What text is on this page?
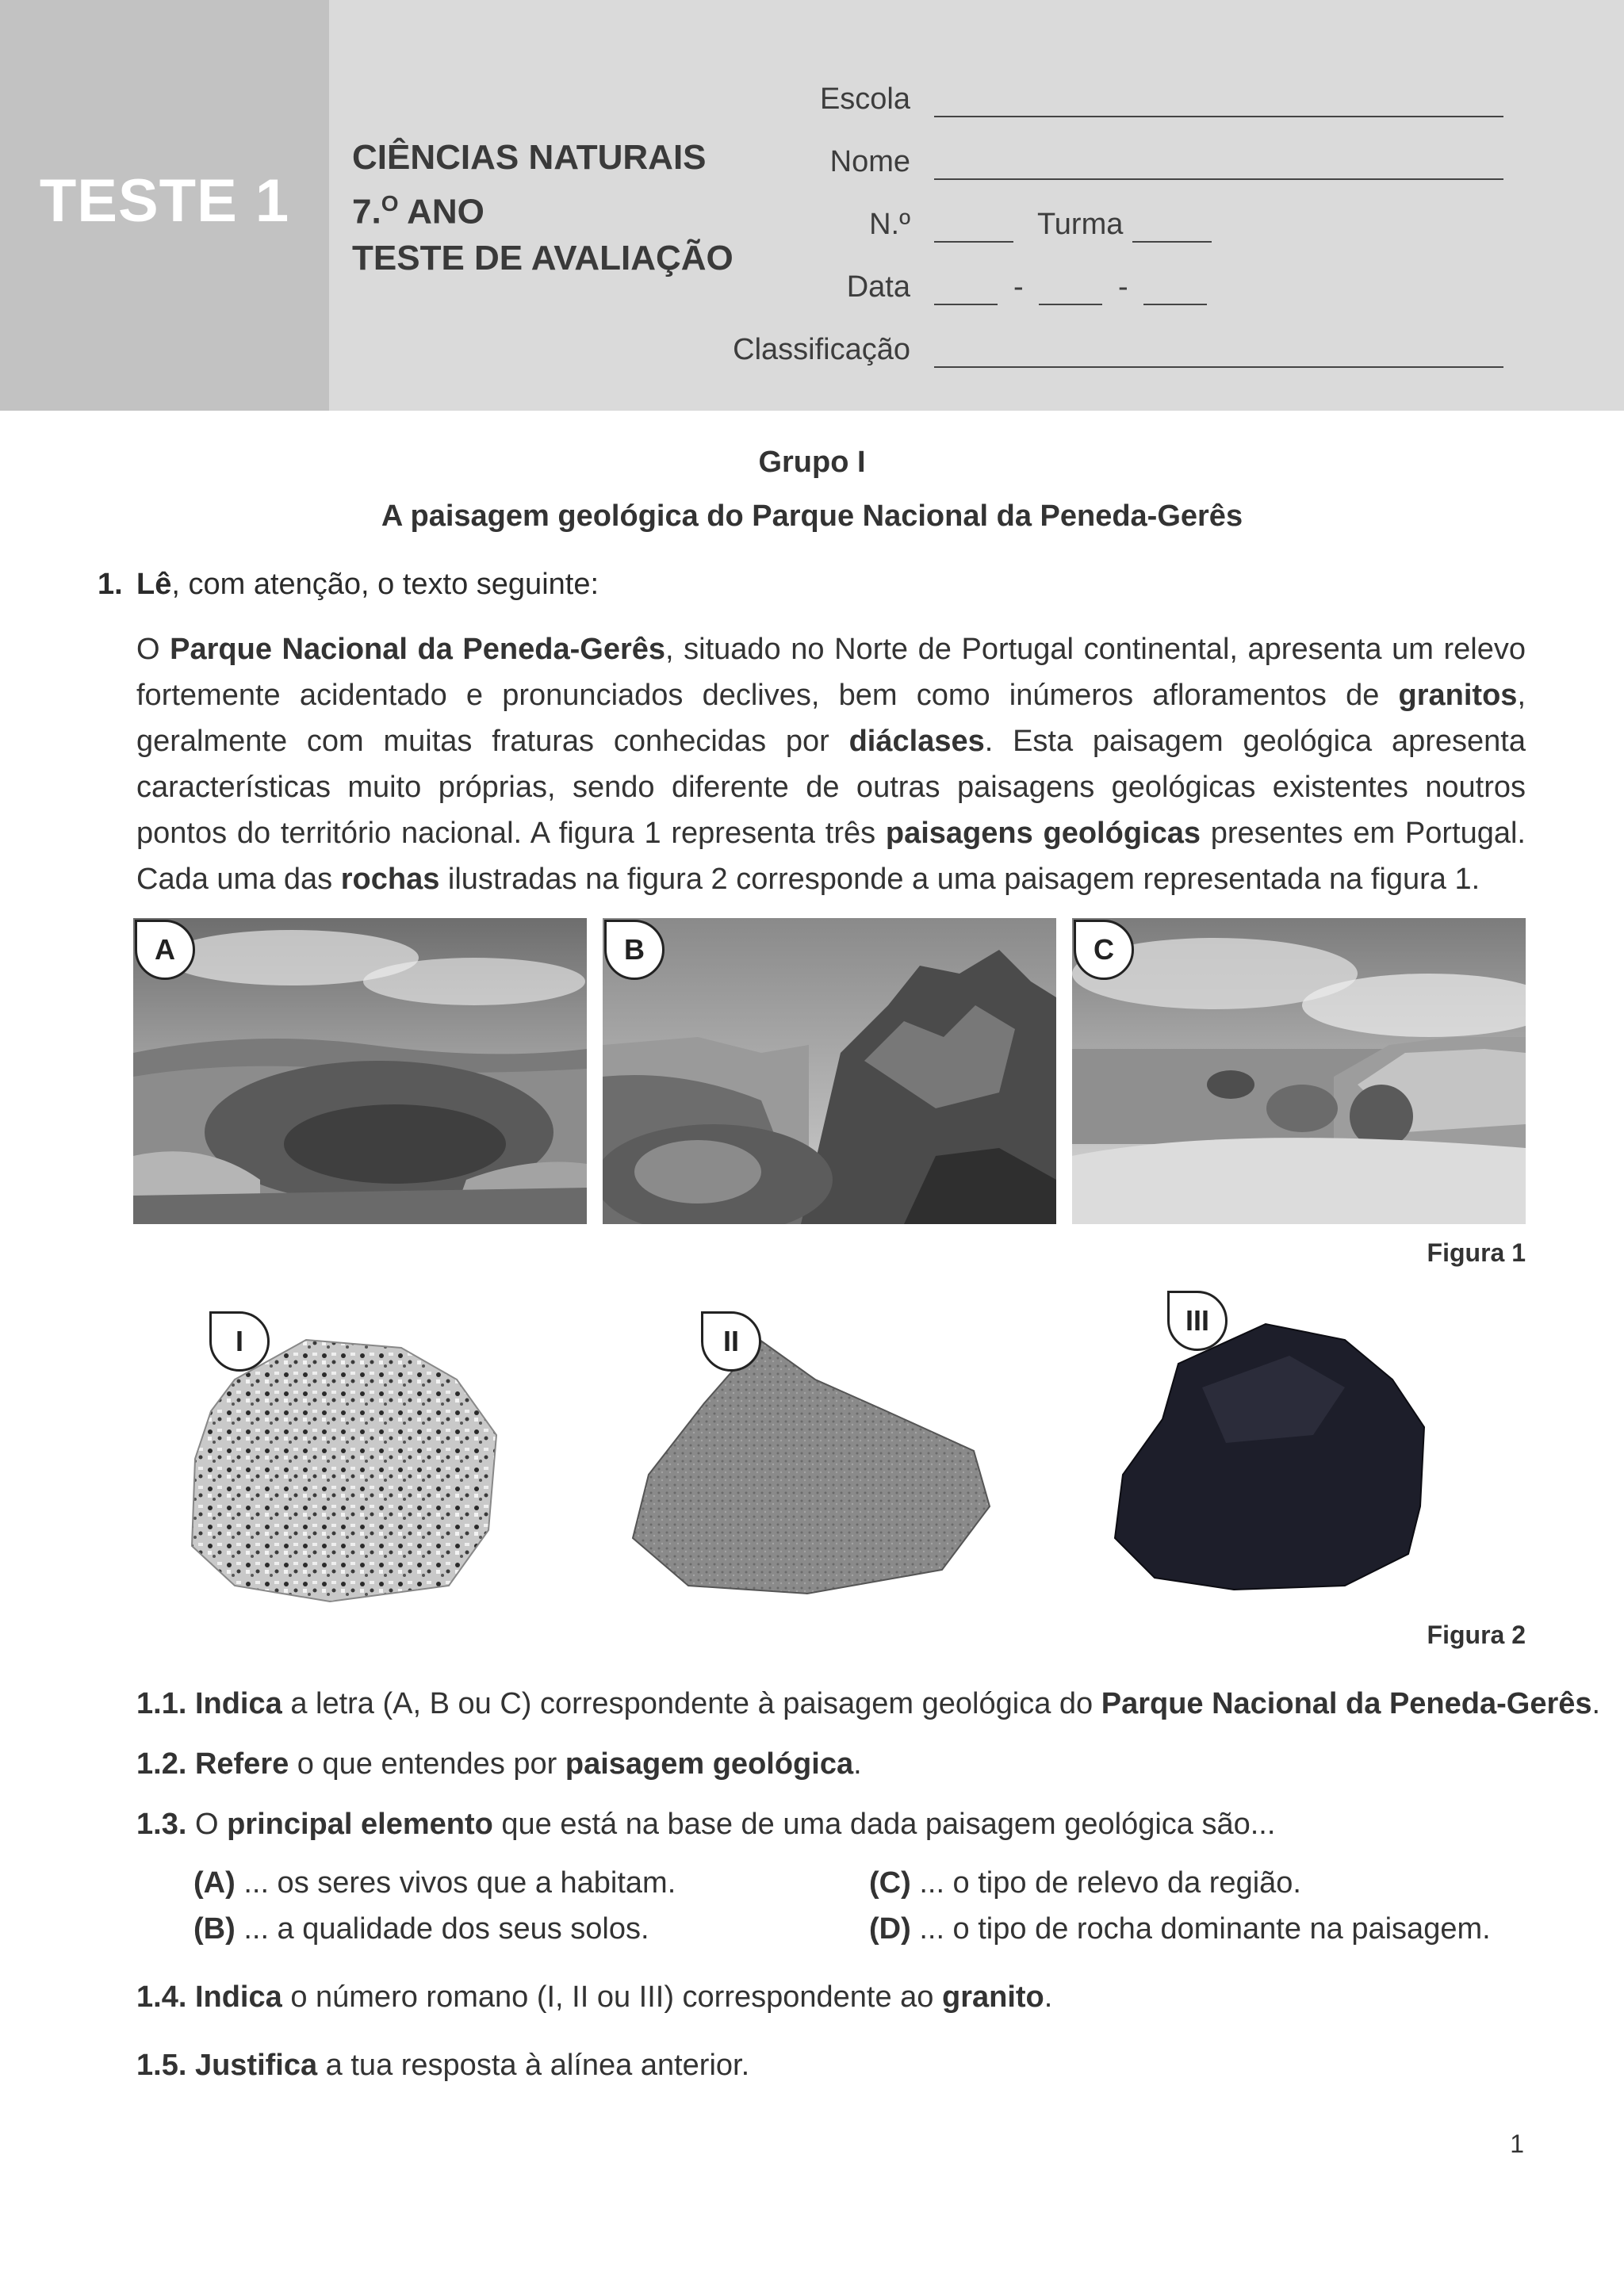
TESTE 1
CIÊNCIAS NATURAIS
7.$^O$ ANO
TESTE DE AVALIAÇÃO
Escola
Nome
N.º	Turma
Data	-	-
Classificação
Grupo I
A paisagem geológica do Parque Nacional da Peneda-Gerês
1. Lê, com atenção, o texto seguinte:
O Parque Nacional da Peneda-Gerês, situado no Norte de Portugal continental, apresenta um relevo fortemente acidentado e pronunciados declives, bem como inúmeros afloramentos de granitos, geralmente com muitas fraturas conhecidas por diáclases. Esta paisagem geológica apresenta características muito próprias, sendo diferente de outras paisagens geológicas existentes noutros pontos do território nacional. A figura 1 representa três paisagens geológicas presentes em Portugal. Cada uma das rochas ilustradas na figura 2 corresponde a uma paisagem representada na figura 1.
A	B	C
Figura 1
I	II
III
Figura 2
1.1. Indica a letra (A, B ou C) correspondente à paisagem geológica do Parque Nacional da Peneda-Gerês.
1.2. Refere o que entendes por paisagem geológica.
1.3. O principal elemento que está na base de uma dada paisagem geológica são...
(A) ... os seres vivos que a habitam.
(B) ... a qualidade dos seus solos.
(C) ... o tipo de relevo da região.
(D) ... o tipo de rocha dominante na paisagem.
1.4. Indica o número romano (I, II ou III) correspondente ao granito.
1.5. Justifica a tua resposta à alínea anterior.
1
